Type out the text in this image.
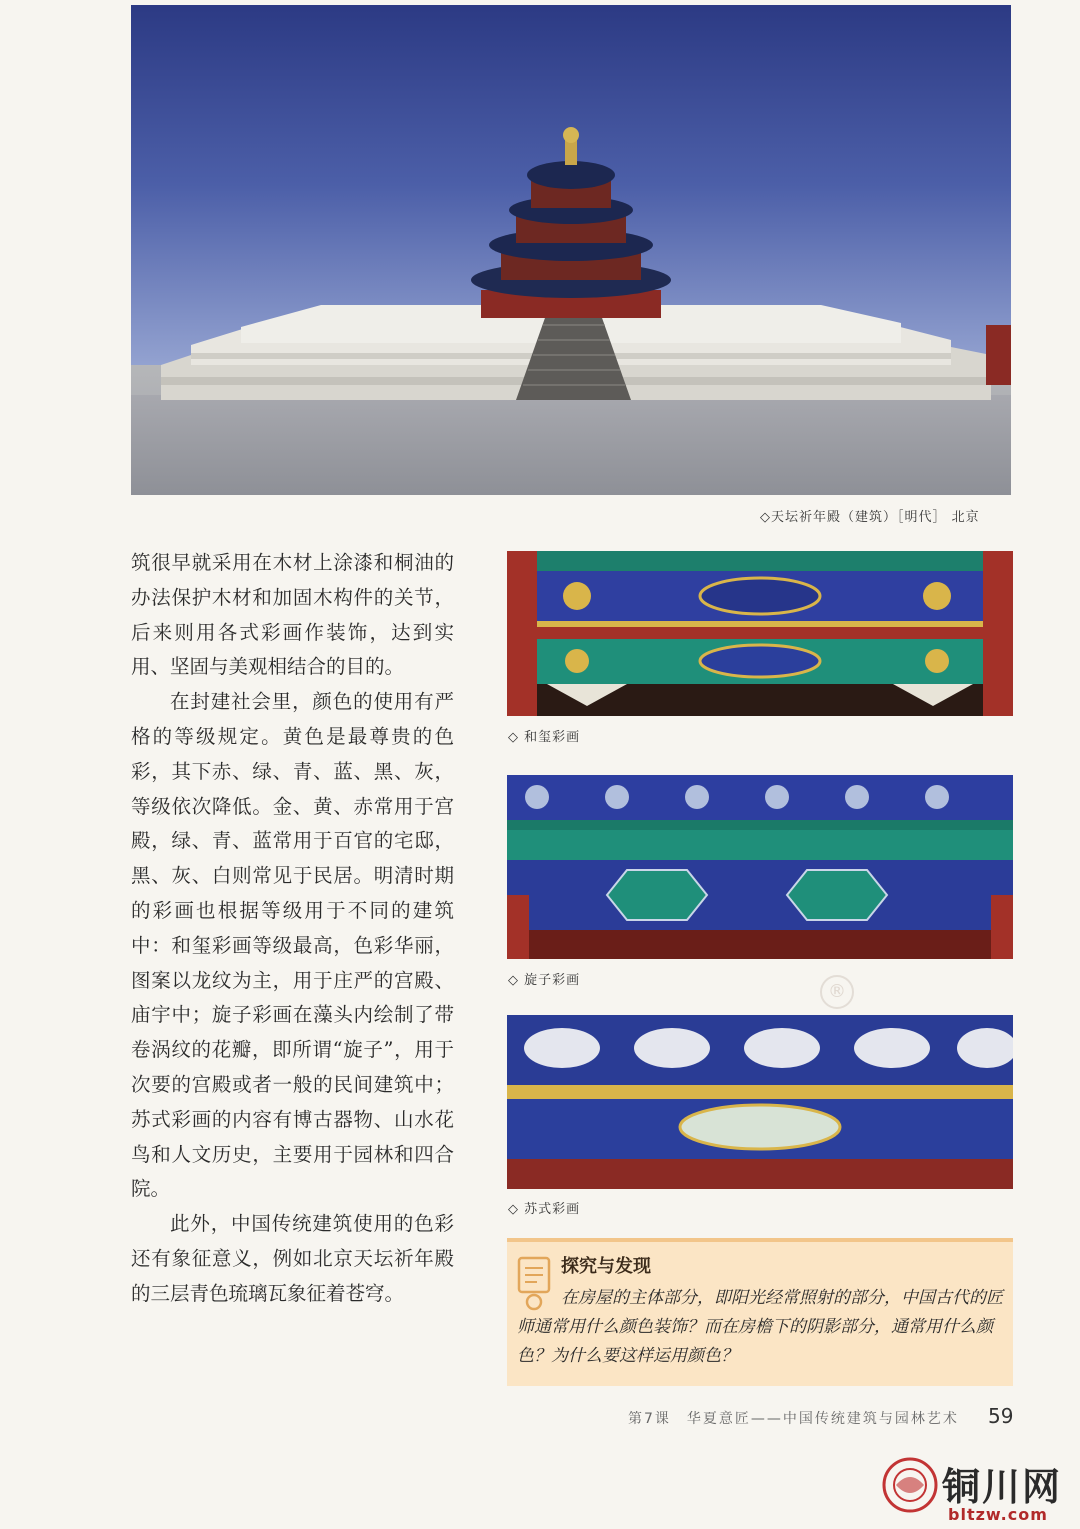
◇天坛祈年殿（建筑）［明代］ 北京

筑很早就采用在木材上涂漆和桐油的办法保护木材和加固木构件的关节，后来则用各式彩画作装饰，达到实用、坚固与美观相结合的目的。

在封建社会里，颜色的使用有严格的等级规定。黄色是最尊贵的色彩，其下赤、绿、青、蓝、黑、灰，等级依次降低。金、黄、赤常用于宫殿，绿、青、蓝常用于百官的宅邸，黑、灰、白则常见于民居。明清时期的彩画也根据等级用于不同的建筑中：和玺彩画等级最高，色彩华丽，图案以龙纹为主，用于庄严的宫殿、庙宇中；旋子彩画在藻头内绘制了带卷涡纹的花瓣，即所谓“旋子”，用于次要的宫殿或者一般的民间建筑中；苏式彩画的内容有博古器物、山水花鸟和人文历史，主要用于园林和四合院。

此外，中国传统建筑使用的色彩还有象征意义，例如北京天坛祈年殿的三层青色琉璃瓦象征着苍穹。

◇ 和玺彩画
◇ 旋子彩画
◇ 苏式彩画
®
探究与发现
在房屋的主体部分，即阳光经常照射的部分，中国古代的匠师通常用什么颜色装饰？而在房檐下的阴影部分，通常用什么颜色？为什么要这样运用颜色？
第7课　华夏意匠——中国传统建筑与园林艺术 59
铜川网
bltzw.com
